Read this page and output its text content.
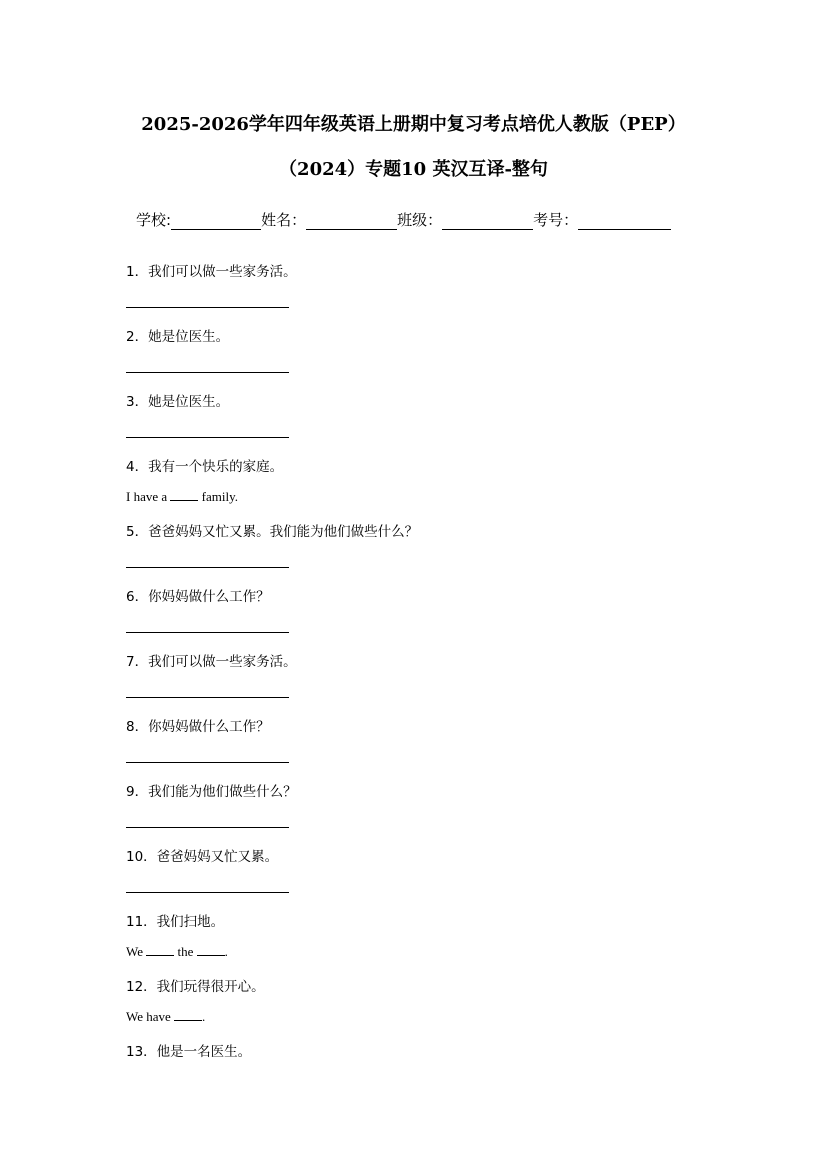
2025-2026学年四年级英语上册期中复习考点培优人教版（PEP）
（2024）专题10 英汉互译-整句
学校:	姓名：	班级：	考号：
1．我们可以做一些家务活。
2．她是位医生。
3．她是位医生。
4．我有一个快乐的家庭。
I have a	family.
5．爸爸妈妈又忙又累。我们能为他们做些什么？
6．你妈妈做什么工作？
7．我们可以做一些家务活。
8．你妈妈做什么工作？
9．我们能为他们做些什么？
10．爸爸妈妈又忙又累。
11．我们扫地。
We	the .
12．我们玩得很开心。
We have .
13．他是一名医生。
